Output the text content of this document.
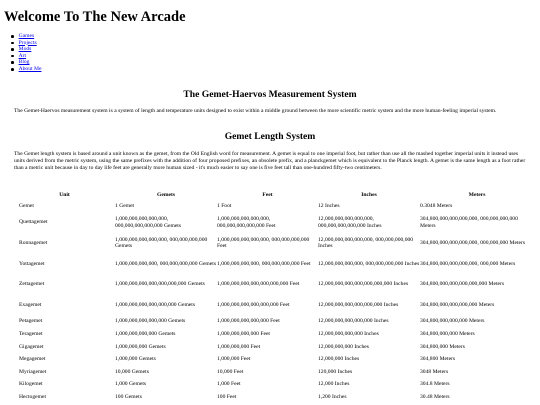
Welcome To The New Arcade
Games
Projects
Mods
Art
Blog
About Me
The Gemet-Haervos Measurement System

The Gemet-Haervos measurement system is a system of length and temperature units designed to exist within a middle ground between the more scientific metric system and the more human-feeling imperial system.

Gemet Length System

The Gemet length system is based around a unit known as the gemet, from the Old English word for measurement. A gemet is equal to one imperial foot, but rather than use all the mashed together imperial units it instead uses units derived from the metric system, using the same prefixes with the addition of four proposed prefixes, an obsolete prefix, and a planckgemet which is equivalent to the Planck length. A gemet is the same length as a foot rather than a metric unit because in day to day life feet are generally more human sized - it's much easier to say one is five feet tall than one-hundred fifty-two centimeters.

Unit	Gemets	Feet	Inches	Meters
Gemet	1 Gemet	1 Foot	12 Inches	0.3048 Meters
Quettagemet	1,000,000,000,000,000, 000,000,000,000,000 Gemets	1,000,000,000,000,000, 000,000,000,000,000 Feet	12,000,000,000,000,000, 000,000,000,000,000 Inches	304,800,000,000,000,000, 000,000,000,000 Meters
Ronnagemet	1,000,000,000,000,000, 000,000,000,000 Gemets	1,000,000,000,000,000, 000,000,000,000 Feet	12,000,000,000,000,000, 000,000,000,000 Inches	304,800,000,000,000,000, 000,000,000 Meters
Yottagemet	1,000,000,000,000, 000,000,000,000 Gemets	1,000,000,000,000, 000,000,000,000 Feet	12,000,000,000,000, 000,000,000,000 Inches	304,800,000,000,000,000, 000,000 Meters
Zettagemet	1,000,000,000,000,000,000,000 Gemets	1,000,000,000,000,000,000,000 Feet	12,000,000,000,000,000,000,000 Inches	304,800,000,000,000,000,000 Meters
Exagemet	1,000,000,000,000,000,000 Gemets	1,000,000,000,000,000,000 Feet	12,000,000,000,000,000,000 Inches	304,800,000,000,000,000 Meters
Petagemet	1,000,000,000,000,000 Gemets	1,000,000,000,000,000 Feet	12,000,000,000,000,000 Inches	304,800,000,000,000 Meters
Teragemet	1,000,000,000,000 Gemets	1,000,000,000,000 Feet	12,000,000,000,000 Inches	304,800,000,000 Meters
Gigagemet	1,000,000,000 Gemets	1,000,000,000 Feet	12,000,000,000 Inches	304,800,000 Meters
Megagemet	1,000,000 Gemets	1,000,000 Feet	12,000,000 Inches	304,800 Meters
Myriagemet	10,000 Gemets	10,000 Feet	120,000 Inches	3048 Meters
Kilogemet	1,000 Gemets	1,000 Feet	12,000 Inches	304.8 Meters
Hectogemet	100 Gemets	100 Feet	1,200 Inches	30.48 Meters
